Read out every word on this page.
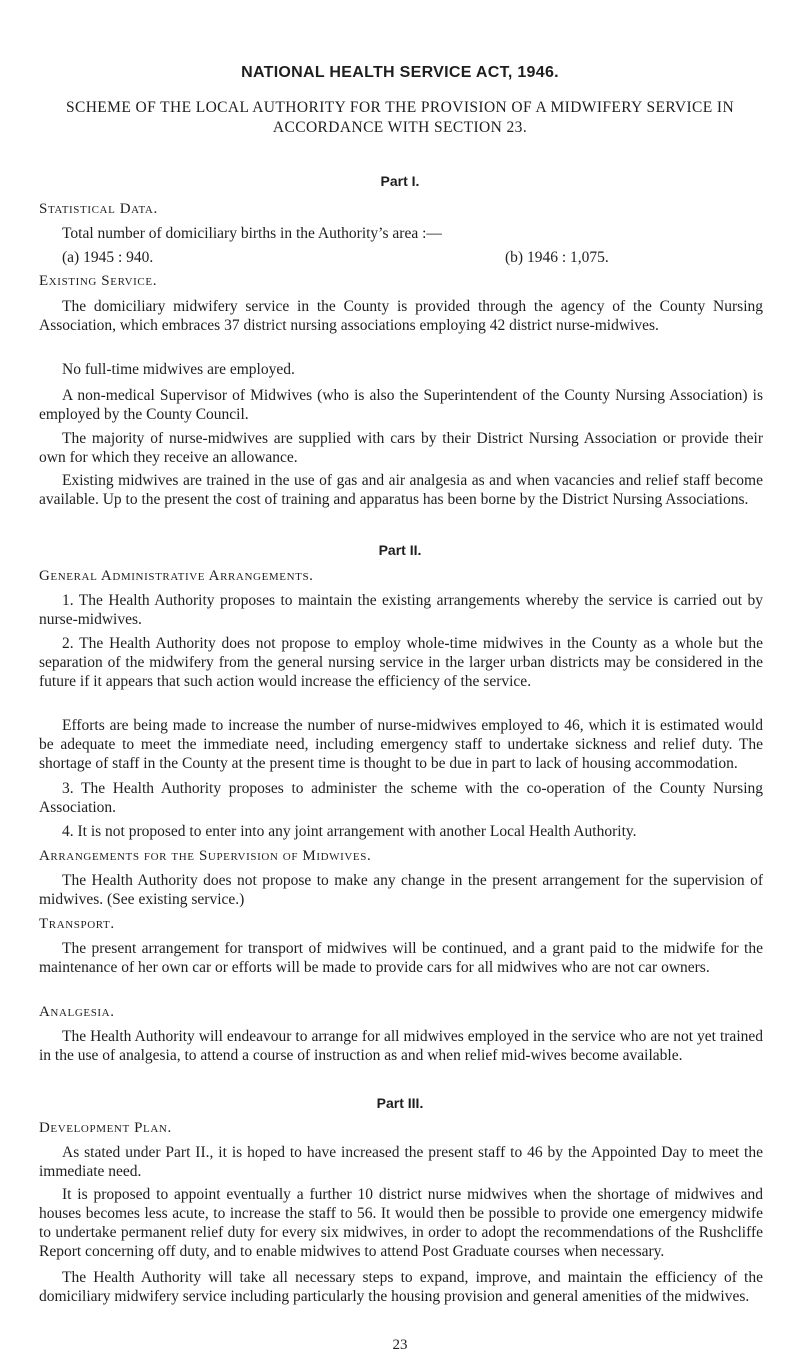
NATIONAL HEALTH SERVICE ACT, 1946.
SCHEME OF THE LOCAL AUTHORITY FOR THE PROVISION OF A MIDWIFERY SERVICE IN ACCORDANCE WITH SECTION 23.
Part I.
Statistical Data.
Total number of domiciliary births in the Authority’s area :—
(a) 1945 : 940.	(b) 1946 : 1,075.
Existing Service.
The domiciliary midwifery service in the County is provided through the agency of the County Nursing Association, which embraces 37 district nursing associations employing 42 district nurse-midwives.
No full-time midwives are employed.
A non-medical Supervisor of Midwives (who is also the Superintendent of the County Nursing Association) is employed by the County Council.
The majority of nurse-midwives are supplied with cars by their District Nursing Association or provide their own for which they receive an allowance.
Existing midwives are trained in the use of gas and air analgesia as and when vacancies and relief staff become available. Up to the present the cost of training and apparatus has been borne by the District Nursing Associations.
Part II.
General Administrative Arrangements.
1. The Health Authority proposes to maintain the existing arrangements whereby the service is carried out by nurse-midwives.
2. The Health Authority does not propose to employ whole-time midwives in the County as a whole but the separation of the midwifery from the general nursing service in the larger urban districts may be considered in the future if it appears that such action would increase the efficiency of the service.
Efforts are being made to increase the number of nurse-midwives employed to 46, which it is estimated would be adequate to meet the immediate need, including emergency staff to undertake sickness and relief duty. The shortage of staff in the County at the present time is thought to be due in part to lack of housing accommodation.
3. The Health Authority proposes to administer the scheme with the co-operation of the County Nursing Association.
4. It is not proposed to enter into any joint arrangement with another Local Health Authority.
Arrangements for the Supervision of Midwives.
The Health Authority does not propose to make any change in the present arrangement for the supervision of midwives. (See existing service.)
Transport.
The present arrangement for transport of midwives will be continued, and a grant paid to the midwife for the maintenance of her own car or efforts will be made to provide cars for all midwives who are not car owners.
Analgesia.
The Health Authority will endeavour to arrange for all midwives employed in the service who are not yet trained in the use of analgesia, to attend a course of instruction as and when relief mid-wives become available.
Part III.
Development Plan.
As stated under Part II., it is hoped to have increased the present staff to 46 by the Appointed Day to meet the immediate need.
It is proposed to appoint eventually a further 10 district nurse midwives when the shortage of midwives and houses becomes less acute, to increase the staff to 56. It would then be possible to provide one emergency midwife to undertake permanent relief duty for every six midwives, in order to adopt the recommendations of the Rushcliffe Report concerning off duty, and to enable midwives to attend Post Graduate courses when necessary.
The Health Authority will take all necessary steps to expand, improve, and maintain the efficiency of the domiciliary midwifery service including particularly the housing provision and general amenities of the midwives.
23
